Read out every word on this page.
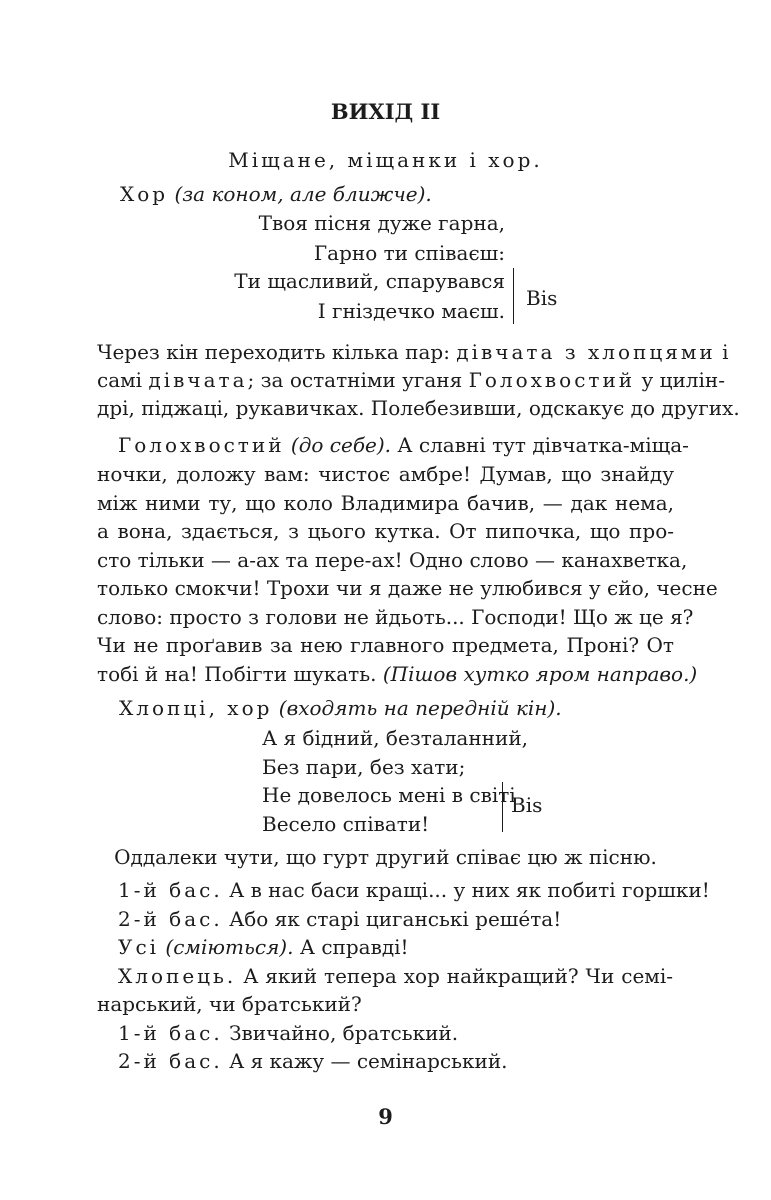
ВИХІД II
Міщане, міщанки і хор.
Хор (за коном, але ближче).
Твоя пісня дуже гарна,
Гарно ти співаєш:
Ти щасливий, спарувався
І гніздечко маєш.
Bis
Через кін переходить кілька пар: дівчата з хлопцями і
самі дівчата; за остатніми уганя Голохвостий у цилін-
дрі, піджаці, рукавичках. Полебезивши, одскакує до других.
Голохвостий (до себе). А славні тут дівчатка-міща-
ночки, доложу вам: чистоє амбре! Думав, що знайду
між ними ту, що коло Владимира бачив, — дак нема,
а вона, здається, з цього кутка. От пипочка, що про-
сто тільки — а-ах та пере-ах! Одно слово — канахветка,
только смокчи! Трохи чи я даже не улюбився у єйо, чесне
слово: просто з голови не йдьоть... Господи! Що ж це я?
Чи не проґавив за нею главного предмета, Проні? От
тобі й на! Побігти шукать. (Пішов хутко яром направо.)
Хлопці, хор (входять на передній кін).
А я бідний, безталанний,
Без пари, без хати;
Не довелось мені в світі
Весело співати!
Bis
Оддалеки чути, що гурт другий співає цю ж пісню.
1-й бас. А в нас баси кращі... у них як побиті горшки!
2-й бас. Або як старі циганські решéта!
Усі (сміються). А справді!
Хлопець. А який тепера хор найкращий? Чи семі-
нарський, чи братський?
1-й бас. Звичайно, братський.
2-й бас. А я кажу — семінарський.
9
